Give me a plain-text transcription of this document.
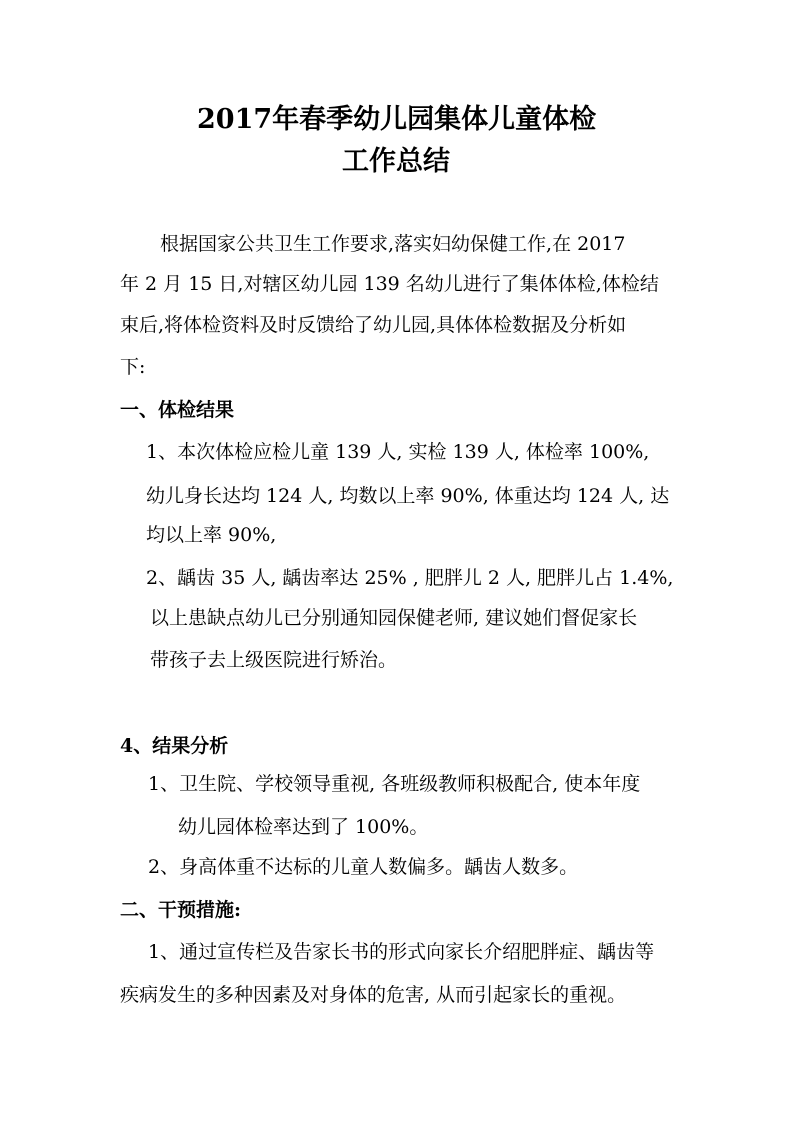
2017年春季幼儿园集体儿童体检
工作总结
根据国家公共卫生工作要求,落实妇幼保健工作,在 2017
年 2 月 15 日,对辖区幼儿园 139 名幼儿进行了集体体检,体检结
束后,将体检资料及时反馈给了幼儿园,具体体检数据及分析如
下:
一、体检结果
1、本次体检应检儿童 139 人, 实检 139 人, 体检率 100%,
幼儿身长达均 124 人, 均数以上率 90%, 体重达均 124 人, 达
均以上率 90%,
2、龋齿 35 人, 龋齿率达 25% , 肥胖儿 2 人, 肥胖儿占 1.4%,
以上患缺点幼儿已分别通知园保健老师, 建议她们督促家长
带孩子去上级医院进行矫治。
4、结果分析
1、卫生院、学校领导重视, 各班级教师积极配合, 使本年度
幼儿园体检率达到了 100%。
2、身高体重不达标的儿童人数偏多。龋齿人数多。
二、干预措施:
1、通过宣传栏及告家长书的形式向家长介绍肥胖症、龋齿等
疾病发生的多种因素及对身体的危害, 从而引起家长的重视。
